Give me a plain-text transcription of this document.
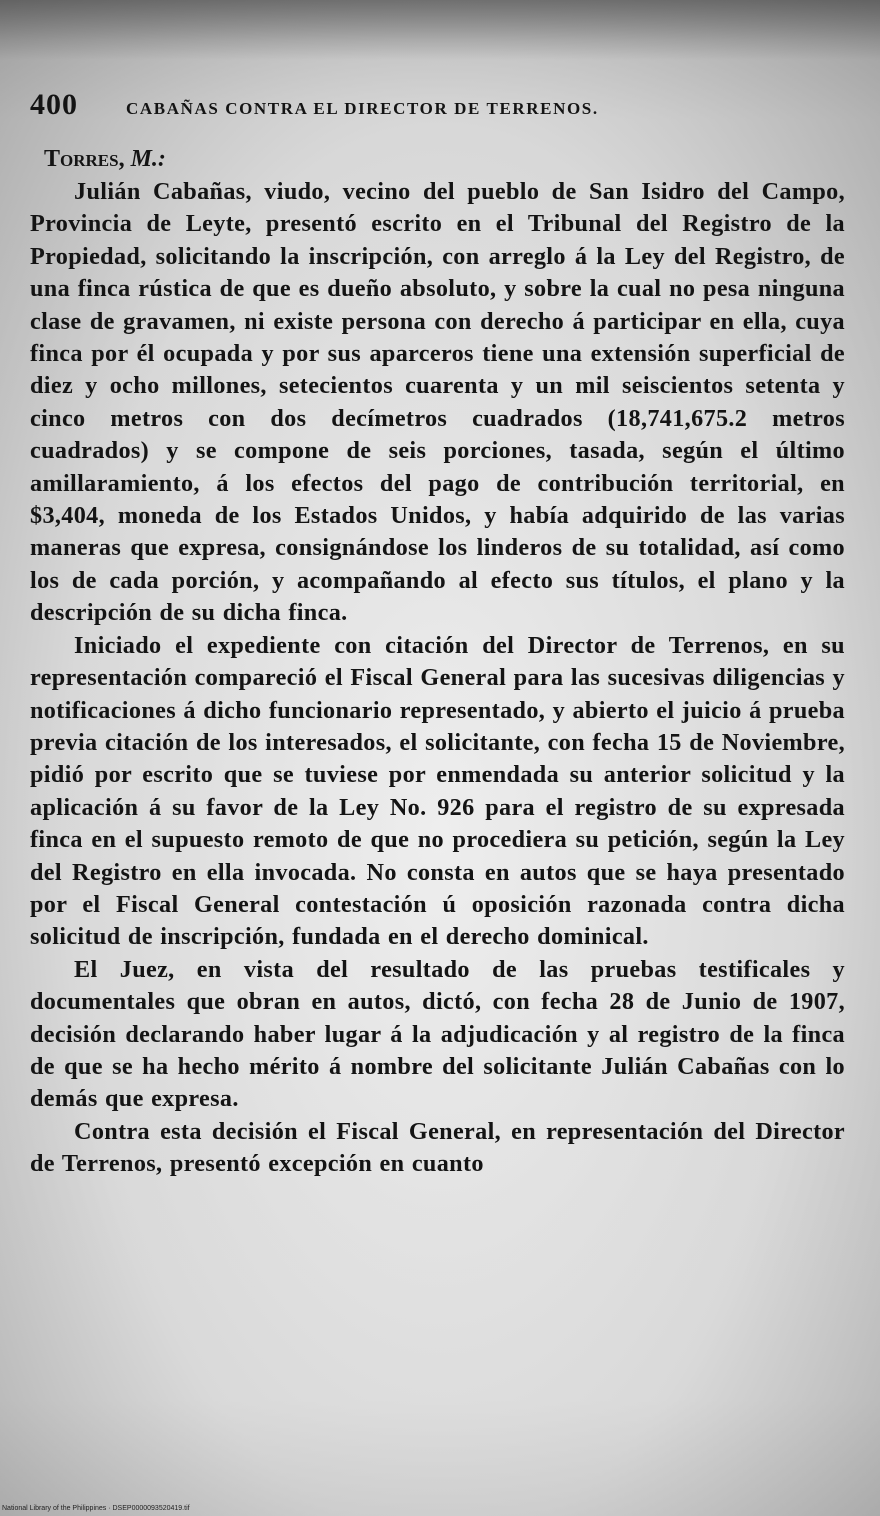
400	CABAÑAS CONTRA EL DIRECTOR DE TERRENOS.
Torres, M.:

Julián Cabañas, viudo, vecino del pueblo de San Isidro del Campo, Provincia de Leyte, presentó escrito en el Tribunal del Registro de la Propiedad, solicitando la inscripción, con arreglo á la Ley del Registro, de una finca rústica de que es dueño absoluto, y sobre la cual no pesa ninguna clase de gravamen, ni existe persona con derecho á participar en ella, cuya finca por él ocupada y por sus aparceros tiene una extensión superficial de diez y ocho millones, setecientos cuarenta y un mil seiscientos setenta y cinco metros con dos decímetros cuadrados (18,741,675.2 metros cuadrados) y se compone de seis porciones, tasada, según el último amillaramiento, á los efectos del pago de contribución territorial, en $3,404, moneda de los Estados Unidos, y había adquirido de las varias maneras que expresa, consignándose los linderos de su totalidad, así como los de cada porción, y acompañando al efecto sus títulos, el plano y la descripción de su dicha finca.

Iniciado el expediente con citación del Director de Terrenos, en su representación compareció el Fiscal General para las sucesivas diligencias y notificaciones á dicho funcionario representado, y abierto el juicio á prueba previa citación de los interesados, el solicitante, con fecha 15 de Noviembre, pidió por escrito que se tuviese por enmendada su anterior solicitud y la aplicación á su favor de la Ley No. 926 para el registro de su expresada finca en el supuesto remoto de que no procediera su petición, según la Ley del Registro en ella invocada. No consta en autos que se haya presentado por el Fiscal General contestación ú oposición razonada contra dicha solicitud de inscripción, fundada en el derecho dominical.

El Juez, en vista del resultado de las pruebas testificales y documentales que obran en autos, dictó, con fecha 28 de Junio de 1907, decisión declarando haber lugar á la adjudicación y al registro de la finca de que se ha hecho mérito á nombre del solicitante Julián Cabañas con lo demás que expresa.

Contra esta decisión el Fiscal General, en representación del Director de Terrenos, presentó excepción en cuanto

National Library of the Philippines · DSEP0000093520419.tif
